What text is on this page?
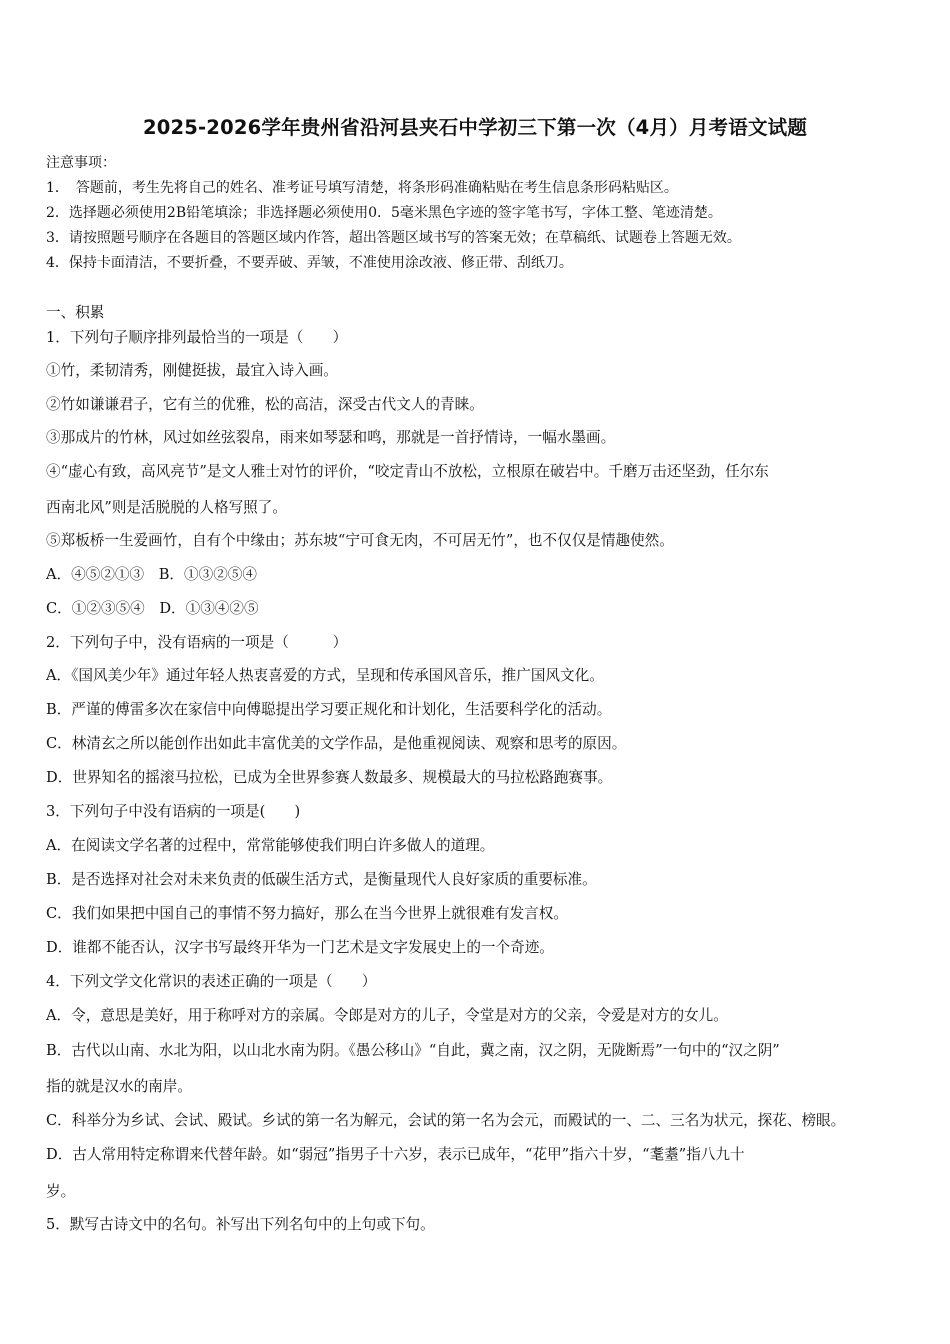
2025-2026学年贵州省沿河县夹石中学初三下第一次（4月）月考语文试题
注意事项：
1．　答题前，考生先将自己的姓名、准考证号填写清楚，将条形码准确粘贴在考生信息条形码粘贴区。
2．选择题必须使用2B铅笔填涂；非选择题必须使用0．5毫米黑色字迹的签字笔书写，字体工整、笔迹清楚。
3．请按照题号顺序在各题目的答题区域内作答，超出答题区域书写的答案无效；在草稿纸、试题卷上答题无效。
4．保持卡面清洁，不要折叠，不要弄破、弄皱，不准使用涂改液、修正带、刮纸刀。
一、积累
1．下列句子顺序排列最恰当的一项是（　　）
①竹，柔韧清秀，刚健挺拔，最宜入诗入画。
②竹如谦谦君子，它有兰的优雅，松的高洁，深受古代文人的青睐。
③那成片的竹林，风过如丝弦裂帛，雨来如琴瑟和鸣，那就是一首抒情诗，一幅水墨画。
④“虚心有致，高风亮节”是文人雅士对竹的评价，“咬定青山不放松，立根原在破岩中。千磨万击还坚劲，任尔东
西南北风”则是活脱脱的人格写照了。
⑤郑板桥一生爱画竹，自有个中缘由；苏东坡“宁可食无肉，不可居无竹”，也不仅仅是情趣使然。
A．④⑤②①③　B．①③②⑤④
C．①②③⑤④　D．①③④②⑤
2．下列句子中，没有语病的一项是（　　　）
A．《国风美少年》通过年轻人热衷喜爱的方式，呈现和传承国风音乐，推广国风文化。
B．严谨的傅雷多次在家信中向傅聪提出学习要正规化和计划化，生活要科学化的活动。
C．林清玄之所以能创作出如此丰富优美的文学作品，是他重视阅读、观察和思考的原因。
D．世界知名的摇滚马拉松，已成为全世界参赛人数最多、规模最大的马拉松路跑赛事。
3．下列句子中没有语病的一项是(　　)
A．在阅读文学名著的过程中，常常能够使我们明白许多做人的道理。
B．是否选择对社会对未来负责的低碳生活方式，是衡量现代人良好家质的重要标准。
C．我们如果把中国自己的事情不努力搞好，那么在当今世界上就很难有发言权。
D．谁都不能否认，汉字书写最终开华为一门艺术是文字发展史上的一个奇迹。
4．下列文学文化常识的表述正确的一项是（　　）
A．令，意思是美好，用于称呼对方的亲属。令郎是对方的儿子，令堂是对方的父亲，令爱是对方的女儿。
B．古代以山南、水北为阳，以山北水南为阴。《愚公移山》“自此，冀之南，汉之阴，无陇断焉”一句中的“汉之阴”
指的就是汉水的南岸。
C．科举分为乡试、会试、殿试。乡试的第一名为解元，会试的第一名为会元，而殿试的一、二、三名为状元，探花、榜眼。
D．古人常用特定称谓来代替年龄。如“弱冠”指男子十六岁，表示已成年，“花甲”指六十岁，“耄耋”指八九十
岁。
5．默写古诗文中的名句。补写出下列名句中的上句或下句。
